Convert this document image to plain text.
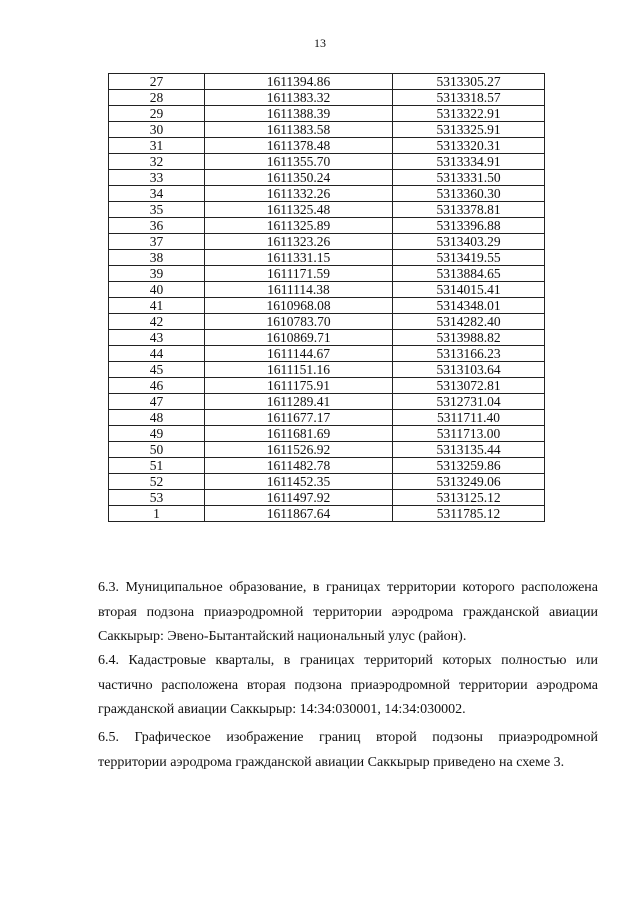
13
27	1611394.86	5313305.27
28	1611383.32	5313318.57
29	1611388.39	5313322.91
30	1611383.58	5313325.91
31	1611378.48	5313320.31
32	1611355.70	5313334.91
33	1611350.24	5313331.50
34	1611332.26	5313360.30
35	1611325.48	5313378.81
36	1611325.89	5313396.88
37	1611323.26	5313403.29
38	1611331.15	5313419.55
39	1611171.59	5313884.65
40	1611114.38	5314015.41
41	1610968.08	5314348.01
42	1610783.70	5314282.40
43	1610869.71	5313988.82
44	1611144.67	5313166.23
45	1611151.16	5313103.64
46	1611175.91	5313072.81
47	1611289.41	5312731.04
48	1611677.17	5311711.40
49	1611681.69	5311713.00
50	1611526.92	5313135.44
51	1611482.78	5313259.86
52	1611452.35	5313249.06
53	1611497.92	5313125.12
1	1611867.64	5311785.12
6.3. Муниципальное образование, в границах территории которого расположена вторая подзона приаэродромной территории аэродрома гражданской авиации Саккырыр: Эвено-Бытантайский национальный улус (район).
6.4. Кадастровые кварталы, в границах территорий которых полностью или частично расположена вторая подзона приаэродромной территории аэродрома гражданской авиации Саккырыр: 14:34:030001, 14:34:030002.
6.5. Графическое изображение границ второй подзоны приаэродромной территории аэродрома гражданской авиации Саккырыр приведено на схеме 3.
